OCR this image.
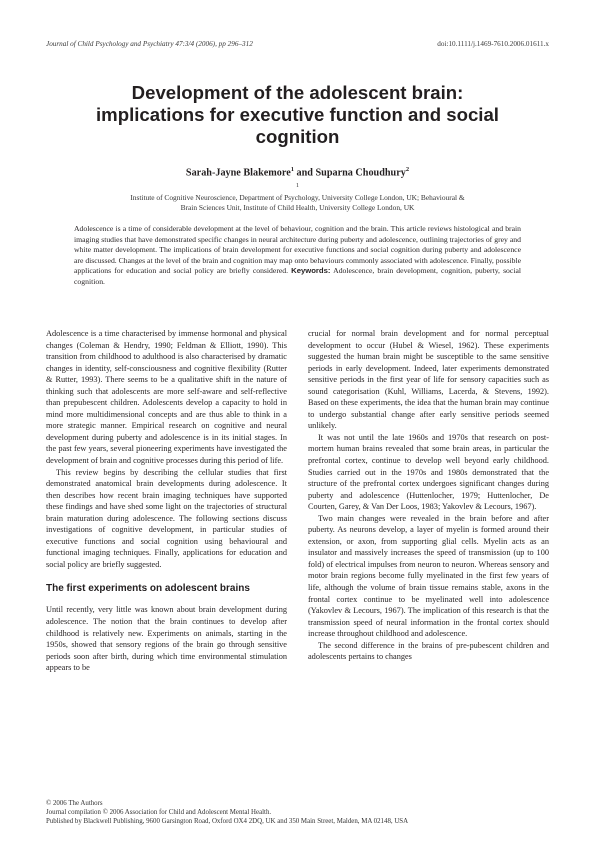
Journal of Child Psychology and Psychiatry 47:3/4 (2006), pp 296–312	doi:10.1111/j.1469-7610.2006.01611.x
Development of the adolescent brain:
implications for executive function and social
cognition
Sarah-Jayne Blakemore$^1$ and Suparna Choudhury$^2$
$^1$
Institute of Cognitive Neuroscience, Department of Psychology, University College London, UK; Behavioural &
Brain Sciences Unit, Institute of Child Health, University College London, UK
Adolescence is a time of considerable development at the level of behaviour, cognition and the brain. This article reviews histological and brain imaging studies that have demonstrated specific changes in neural architecture during puberty and adolescence, outlining trajectories of grey and white matter development. The implications of brain development for executive functions and social cognition during puberty and adolescence are discussed. Changes at the level of the brain and cognition may map onto behaviours commonly associated with adolescence. Finally, possible applications for education and social policy are briefly considered. Keywords: Adolescence, brain development, cognition, puberty, social cognition.

Adolescence is a time characterised by immense hormonal and physical changes (Coleman & Hendry, 1990; Feldman & Elliott, 1990). This transition from childhood to adulthood is also characterised by dramatic changes in identity, self-consciousness and cognitive flexibility (Rutter & Rutter, 1993). There seems to be a qualitative shift in the nature of thinking such that adolescents are more self-aware and self-reflective than prepubescent children. Adolescents develop a capacity to hold in mind more multidimensional concepts and are thus able to think in a more strategic manner. Empirical research on cognitive and neural development during puberty and adolescence is in its initial stages. In the past few years, several pioneering experiments have investigated the development of brain and cognitive processes during this period of life.

This review begins by describing the cellular studies that first demonstrated anatomical brain developments during adolescence. It then describes how recent brain imaging techniques have supported these findings and have shed some light on the trajectories of structural brain maturation during adolescence. The following sections discuss investigations of cognitive development, in particular studies of executive functions and social cognition using behavioural and functional imaging techniques. Finally, applications for education and social policy are briefly suggested.

The first experiments on adolescent brains

Until recently, very little was known about brain development during adolescence. The notion that the brain continues to develop after childhood is relatively new. Experiments on animals, starting in the 1950s, showed that sensory regions of the brain go through sensitive periods soon after birth, during which time environmental stimulation appears to be

crucial for normal brain development and for normal perceptual development to occur (Hubel & Wiesel, 1962). These experiments suggested the human brain might be susceptible to the same sensitive periods in early development. Indeed, later experiments demonstrated sensitive periods in the first year of life for sensory capacities such as sound categorisation (Kuhl, Williams, Lacerda, & Stevens, 1992). Based on these experiments, the idea that the human brain may continue to undergo substantial change after early sensitive periods seemed unlikely.

It was not until the late 1960s and 1970s that research on post-mortem human brains revealed that some brain areas, in particular the prefrontal cortex, continue to develop well beyond early childhood. Studies carried out in the 1970s and 1980s demonstrated that the structure of the prefrontal cortex undergoes significant changes during puberty and adolescence (Huttenlocher, 1979; Huttenlocher, De Courten, Garey, & Van Der Loos, 1983; Yakovlev & Lecours, 1967).

Two main changes were revealed in the brain before and after puberty. As neurons develop, a layer of myelin is formed around their extension, or axon, from supporting glial cells. Myelin acts as an insulator and massively increases the speed of transmission (up to 100 fold) of electrical impulses from neuron to neuron. Whereas sensory and motor brain regions become fully myelinated in the first few years of life, although the volume of brain tissue remains stable, axons in the frontal cortex continue to be myelinated well into adolescence (Yakovlev & Lecours, 1967). The implication of this research is that the transmission speed of neural information in the frontal cortex should increase throughout childhood and adolescence.

The second difference in the brains of pre-pubescent children and adolescents pertains to changes

© 2006 The Authors
Journal compilation © 2006 Association for Child and Adolescent Mental Health.
Published by Blackwell Publishing, 9600 Garsington Road, Oxford OX4 2DQ, UK and 350 Main Street, Malden, MA 02148, USA
